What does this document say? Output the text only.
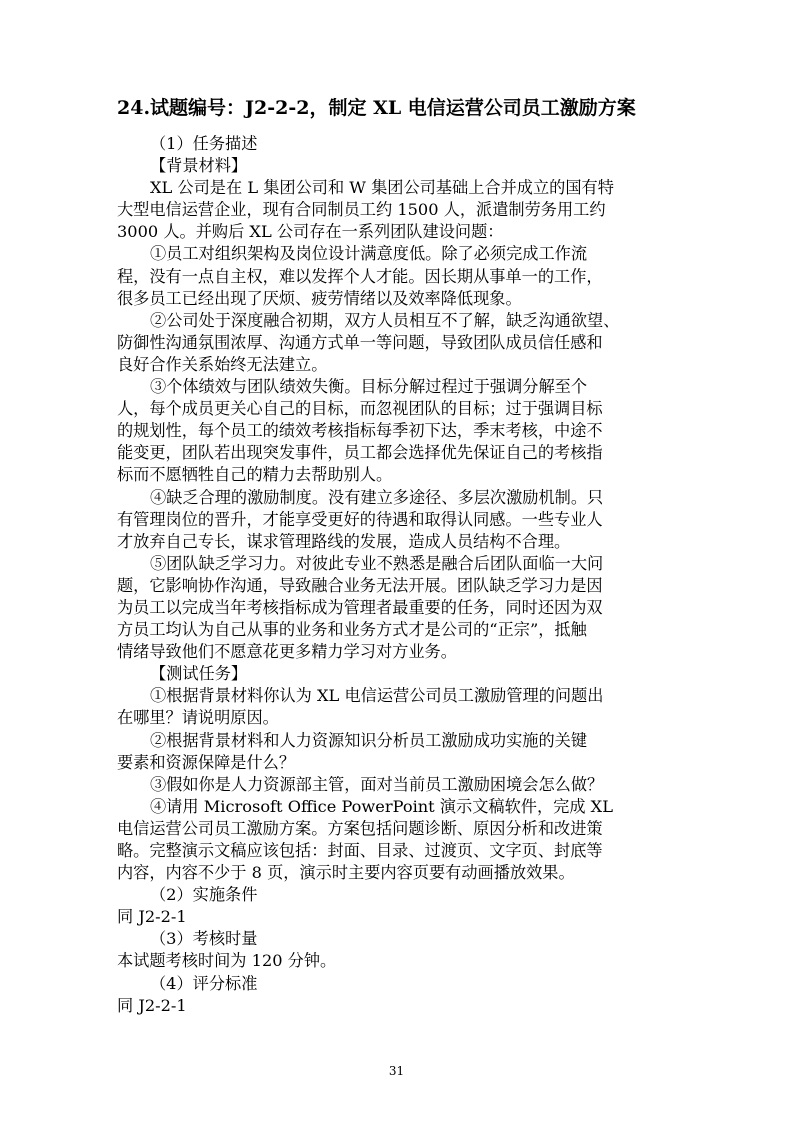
24.试题编号：J2-2-2，制定 XL 电信运营公司员工激励方案
（1）任务描述
【背景材料】
XL 公司是在 L 集团公司和 W 集团公司基础上合并成立的国有特
大型电信运营企业，现有合同制员工约 1500 人，派遣制劳务用工约
3000 人。并购后 XL 公司存在一系列团队建设问题：
①员工对组织架构及岗位设计满意度低。除了必须完成工作流
程，没有一点自主权，难以发挥个人才能。因长期从事单一的工作，
很多员工已经出现了厌烦、疲劳情绪以及效率降低现象。
②公司处于深度融合初期，双方人员相互不了解，缺乏沟通欲望、
防御性沟通氛围浓厚、沟通方式单一等问题，导致团队成员信任感和
良好合作关系始终无法建立。
③个体绩效与团队绩效失衡。目标分解过程过于强调分解至个
人，每个成员更关心自己的目标，而忽视团队的目标；过于强调目标
的规划性，每个员工的绩效考核指标每季初下达，季末考核，中途不
能变更，团队若出现突发事件，员工都会选择优先保证自己的考核指
标而不愿牺牲自己的精力去帮助别人。
④缺乏合理的激励制度。没有建立多途径、多层次激励机制。只
有管理岗位的晋升，才能享受更好的待遇和取得认同感。一些专业人
才放弃自己专长，谋求管理路线的发展，造成人员结构不合理。
⑤团队缺乏学习力。对彼此专业不熟悉是融合后团队面临一大问
题，它影响协作沟通，导致融合业务无法开展。团队缺乏学习力是因
为员工以完成当年考核指标成为管理者最重要的任务，同时还因为双
方员工均认为自己从事的业务和业务方式才是公司的“正宗”，抵触
情绪导致他们不愿意花更多精力学习对方业务。
【测试任务】
①根据背景材料你认为 XL 电信运营公司员工激励管理的问题出
在哪里？请说明原因。
②根据背景材料和人力资源知识分析员工激励成功实施的关键
要素和资源保障是什么？
③假如你是人力资源部主管，面对当前员工激励困境会怎么做？
④请用 Microsoft Office PowerPoint 演示文稿软件，完成 XL
电信运营公司员工激励方案。方案包括问题诊断、原因分析和改进策
略。完整演示文稿应该包括：封面、目录、过渡页、文字页、封底等
内容，内容不少于 8 页，演示时主要内容页要有动画播放效果。
（2）实施条件
同 J2-2-1
（3）考核时量
本试题考核时间为 120 分钟。
（4）评分标准
同 J2-2-1
31
